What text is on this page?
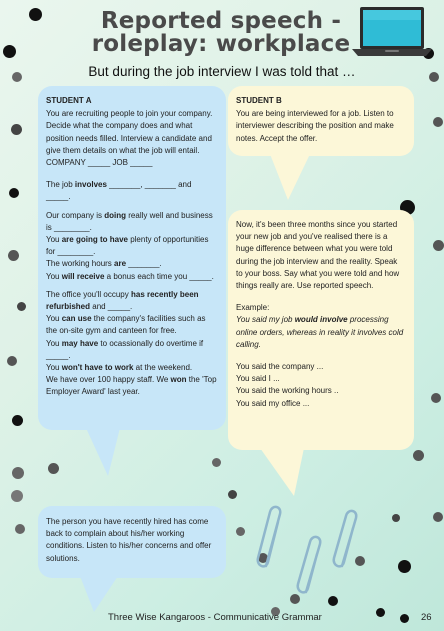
Reported speech - roleplay: workplace
But during the job interview I was told that …
STUDENT A

You are recruiting people to join your company. Decide what the company does and what position needs filled. Interview a candidate and give them details on what the job will entail.

COMPANY _____ JOB _____

The job involves _______, _______ and _____.

Our company is doing really well and business is ________.

You are going to have plenty of opportunities for ________.

The working hours are _______.

You will receive a bonus each time you _____.

The office you'll occupy has recently been refurbished and _____.

You can use the company's facilities such as the on-site gym and canteen for free.

You may have to ocassionally do overtime if _____.

You won't have to work at the weekend.

We have over 100 happy staff. We won the 'Top Employer Award' last year.

STUDENT B

You are being interviewed for a job. Listen to interviewer describing the position and make notes. Accept the offer.

Now, it's been three months since you started your new job and you've realised there is a huge difference between what you were told during the job interview and the reality. Speak to your boss. Say what you were told and how things really are. Use reported speech.

Example:

You said my job would involve processing online orders, whereas in reality it involves cold calling.

You said the company ...

You said I ...

You said the working hours ..

You said my office ...

The person you have recently hired has come back to complain about his/her working conditions. Listen to his/her concerns and offer solutions.

Three Wise Kangaroos - Communicative Grammar	26
